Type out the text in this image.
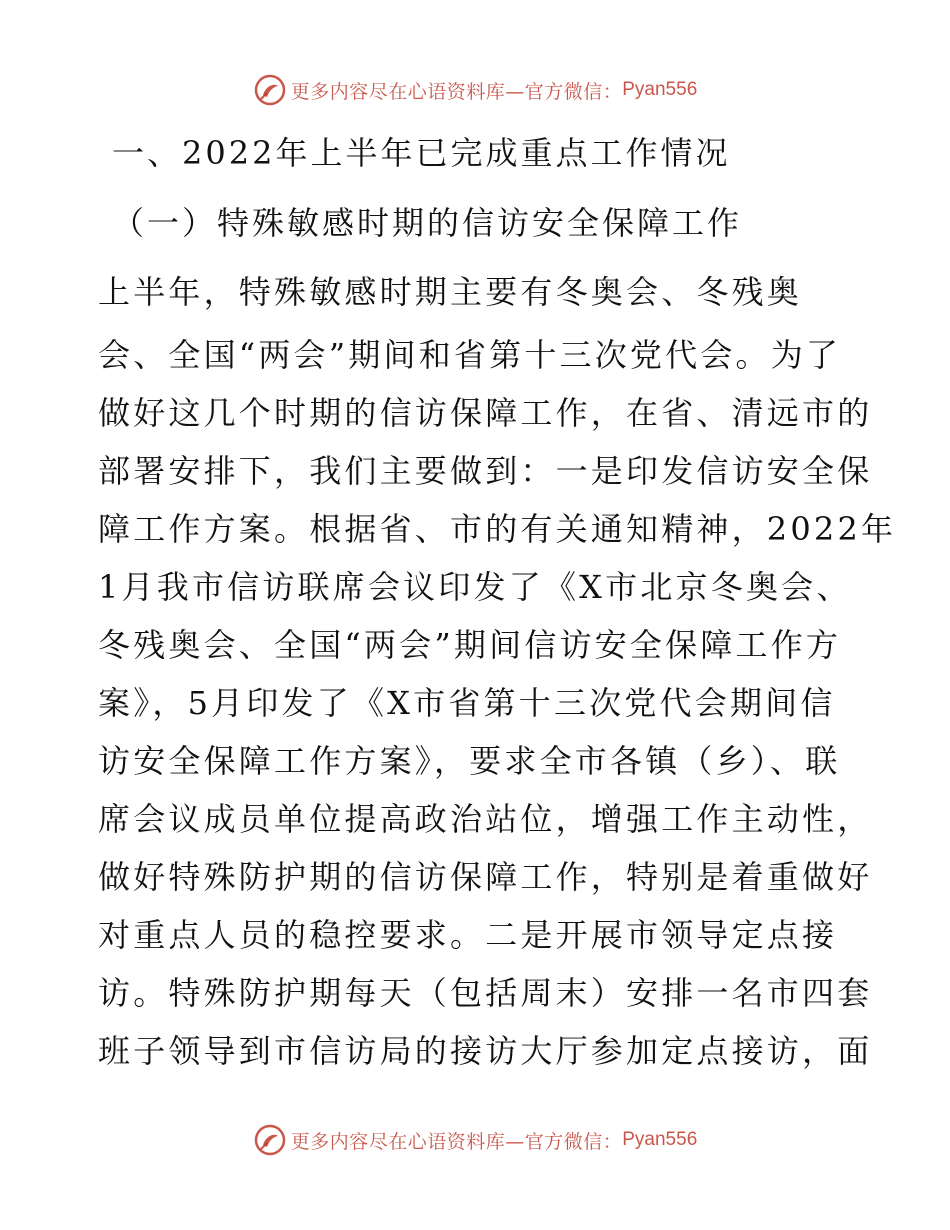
更多内容尽在心语资料库—官方微信： Pyan556
一、2022年上半年已完成重点工作情况
（一）特殊敏感时期的信访安全保障工作
上半年，特殊敏感时期主要有冬奥会、冬残奥
会、全国“两会”期间和省第十三次党代会。为了
做好这几个时期的信访保障工作，在省、清远市的
部署安排下，我们主要做到：一是印发信访安全保
障工作方案。根据省、市的有关通知精神，2022年
1月我市信访联席会议印发了《X市北京冬奥会、
冬残奥会、全国“两会”期间信访安全保障工作方
案》，5月印发了《X市省第十三次党代会期间信
访安全保障工作方案》，要求全市各镇（乡）、联
席会议成员单位提高政治站位，增强工作主动性，
做好特殊防护期的信访保障工作，特别是着重做好
对重点人员的稳控要求。二是开展市领导定点接
访。特殊防护期每天（包括周末）安排一名市四套
班子领导到市信访局的接访大厅参加定点接访，面
更多内容尽在心语资料库—官方微信： Pyan556
